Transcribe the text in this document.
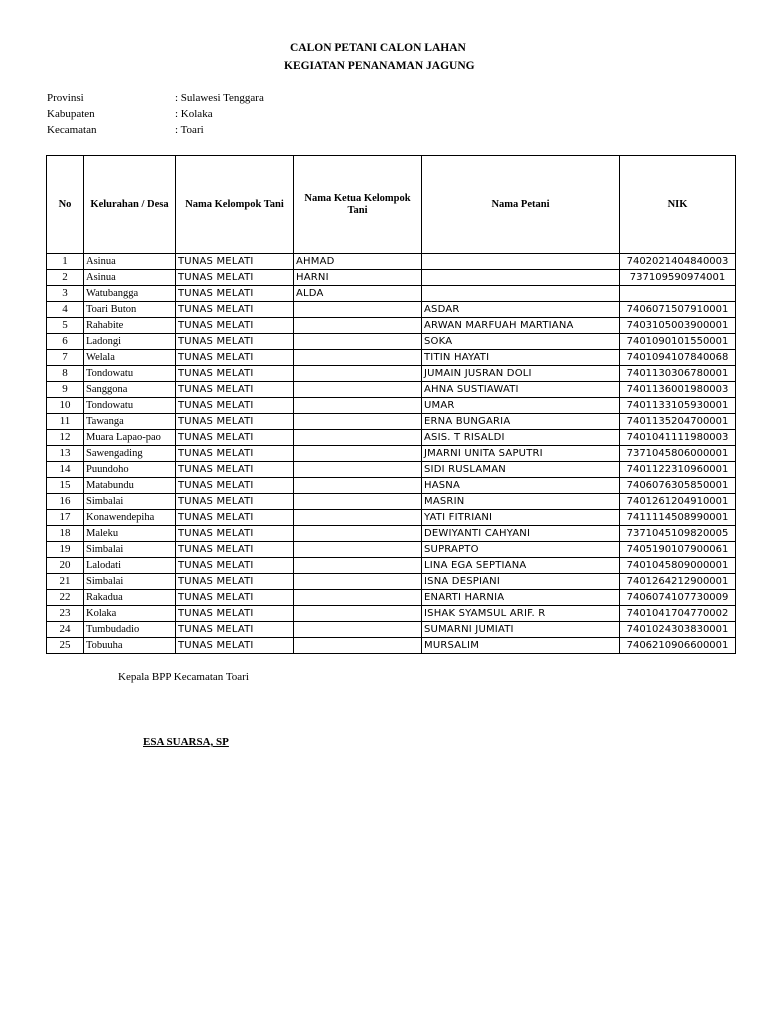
CALON PETANI CALON LAHAN
KEGIATAN PENANAMAN JAGUNG
Provinsi	: Sulawesi Tenggara
Kabupaten	: Kolaka
Kecamatan	: Toari
No	Kelurahan / Desa	Nama Kelompok Tani	Nama Ketua Kelompok Tani	Nama Petani	NIK
1	Asinua	TUNAS MELATI	AHMAD		7402021404840003
2	Asinua	TUNAS MELATI	HARNI		737109590974001
3	Watubangga	TUNAS MELATI	ALDA		
4	Toari Buton	TUNAS MELATI		ASDAR	7406071507910001
5	Rahabite	TUNAS MELATI		ARWAN MARFUAH MARTIANA	7403105003900001
6	Ladongi	TUNAS MELATI		SOKA	7401090101550001
7	Welala	TUNAS MELATI		TITIN HAYATI	7401094107840068
8	Tondowatu	TUNAS MELATI		JUMAIN JUSRAN DOLI	7401130306780001
9	Sanggona	TUNAS MELATI		AHNA SUSTIAWATI	7401136001980003
10	Tondowatu	TUNAS MELATI		UMAR	7401133105930001
11	Tawanga	TUNAS MELATI		ERNA BUNGARIA	7401135204700001
12	Muara Lapao-pao	TUNAS MELATI		ASIS. T RISALDI	7401041111980003
13	Sawengading	TUNAS MELATI		JMARNI UNITA SAPUTRI	7371045806000001
14	Puundoho	TUNAS MELATI		SIDI RUSLAMAN	7401122310960001
15	Matabundu	TUNAS MELATI		HASNA	7406076305850001
16	Simbalai	TUNAS MELATI		MASRIN	7401261204910001
17	Konawendepiha	TUNAS MELATI		YATI FITRIANI	7411114508990001
18	Maleku	TUNAS MELATI		DEWIYANTI CAHYANI	7371045109820005
19	Simbalai	TUNAS MELATI		SUPRAPTO	7405190107900061
20	Lalodati	TUNAS MELATI		LINA EGA SEPTIANA	7401045809000001
21	Simbalai	TUNAS MELATI		ISNA DESPIANI	7401264212900001
22	Rakadua	TUNAS MELATI		ENARTI HARNIA	7406074107730009
23	Kolaka	TUNAS MELATI		ISHAK SYAMSUL ARIF. R	7401041704770002
24	Tumbudadio	TUNAS MELATI		SUMARNI JUMIATI	7401024303830001
25	Tobuuha	TUNAS MELATI		MURSALIM	7406210906600001
Kepala BPP Kecamatan Toari
ESA SUARSA, SP
